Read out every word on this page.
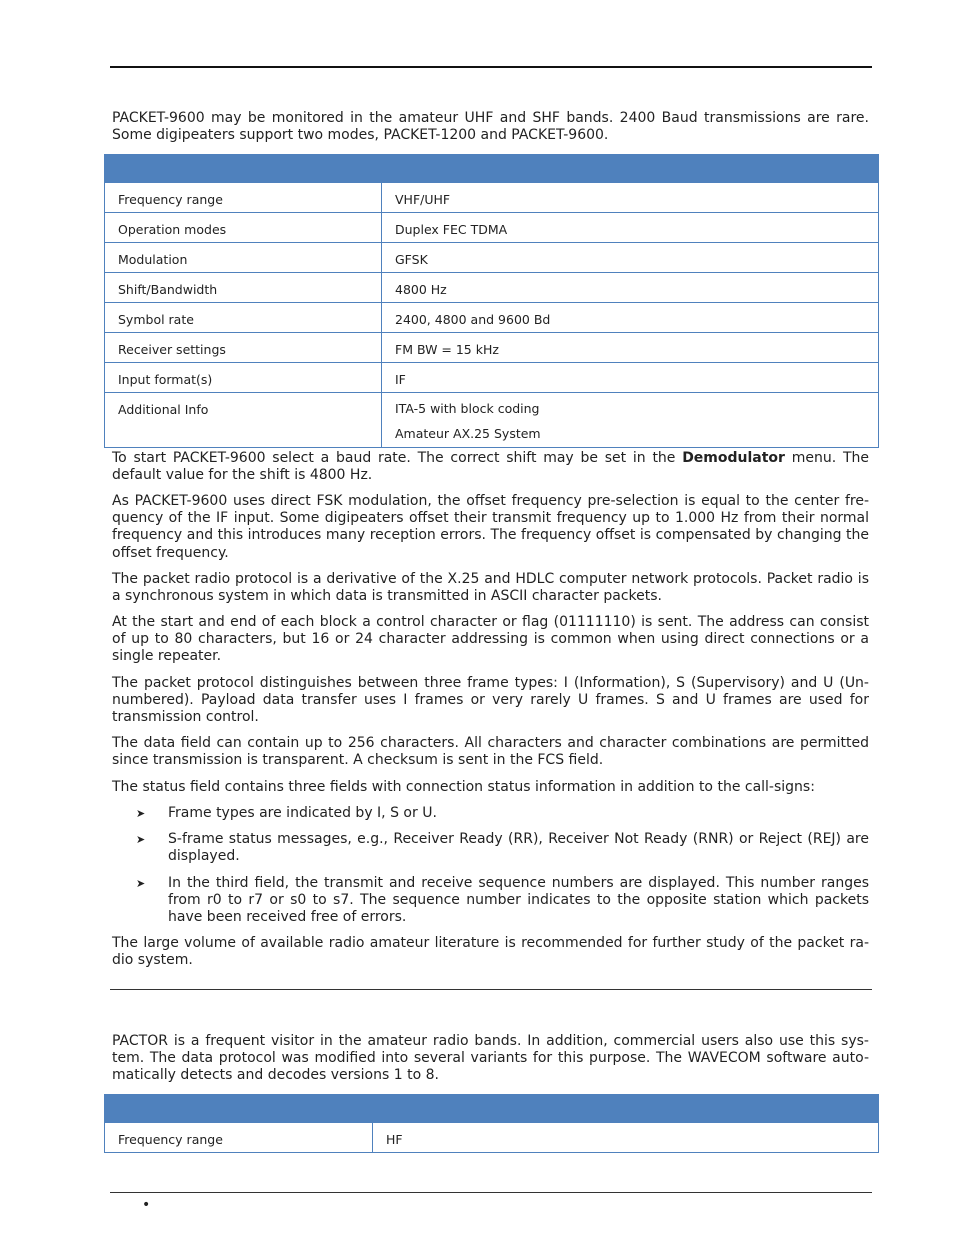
PACKET-9600 may be monitored in the amateur UHF and SHF bands. 2400 Baud transmissions are rare. Some digipeaters support two modes, PACKET-1200 and PACKET-9600.

Frequency range	VHF/UHF

Operation modes	Duplex FEC TDMA

Modulation	GFSK

Shift/Bandwidth	4800 Hz

Symbol rate	2400, 4800 and 9600 Bd

Receiver settings	FM BW = 15 kHz

Input format(s)	IF

Additional Info	ITA-5 with block coding
Amateur AX.25 System

To start PACKET-9600 select a baud rate. The correct shift may be set in the Demodulator menu. The default value for the shift is 4800 Hz.

As PACKET-9600 uses direct FSK modulation, the offset frequency pre-selection is equal to the center fre-quency of the IF input. Some digipeaters offset their transmit frequency up to 1.000 Hz from their normal frequency and this introduces many reception errors. The frequency offset is compensated by changing the offset frequency.

The packet radio protocol is a derivative of the X.25 and HDLC computer network protocols. Packet radio is a synchronous system in which data is transmitted in ASCII character packets.

At the start and end of each block a control character or flag (01111110) is sent. The address can consist of up to 80 characters, but 16 or 24 character addressing is common when using direct connections or a single repeater.

The packet protocol distinguishes between three frame types: I (Information), S (Supervisory) and U (Un-numbered). Payload data transfer uses I frames or very rarely U frames. S and U frames are used for transmission control.

The data field can contain up to 256 characters. All characters and character combinations are permitted since transmission is transparent. A checksum is sent in the FCS field.

The status field contains three fields with connection status information in addition to the call-signs:

➤ Frame types are indicated by I, S or U.
➤ S-frame status messages, e.g., Receiver Ready (RR), Receiver Not Ready (RNR) or Reject (REJ) are displayed.
➤ In the third field, the transmit and receive sequence numbers are displayed. This number ranges from r0 to r7 or s0 to s7. The sequence number indicates to the opposite station which packets have been received free of errors.

The large volume of available radio amateur literature is recommended for further study of the packet ra-dio system.

PACTOR is a frequent visitor in the amateur radio bands. In addition, commercial users also use this sys-tem. The data protocol was modified into several variants for this purpose. The WAVECOM software auto-matically detects and decodes versions 1 to 8.

Frequency range	HF
•
